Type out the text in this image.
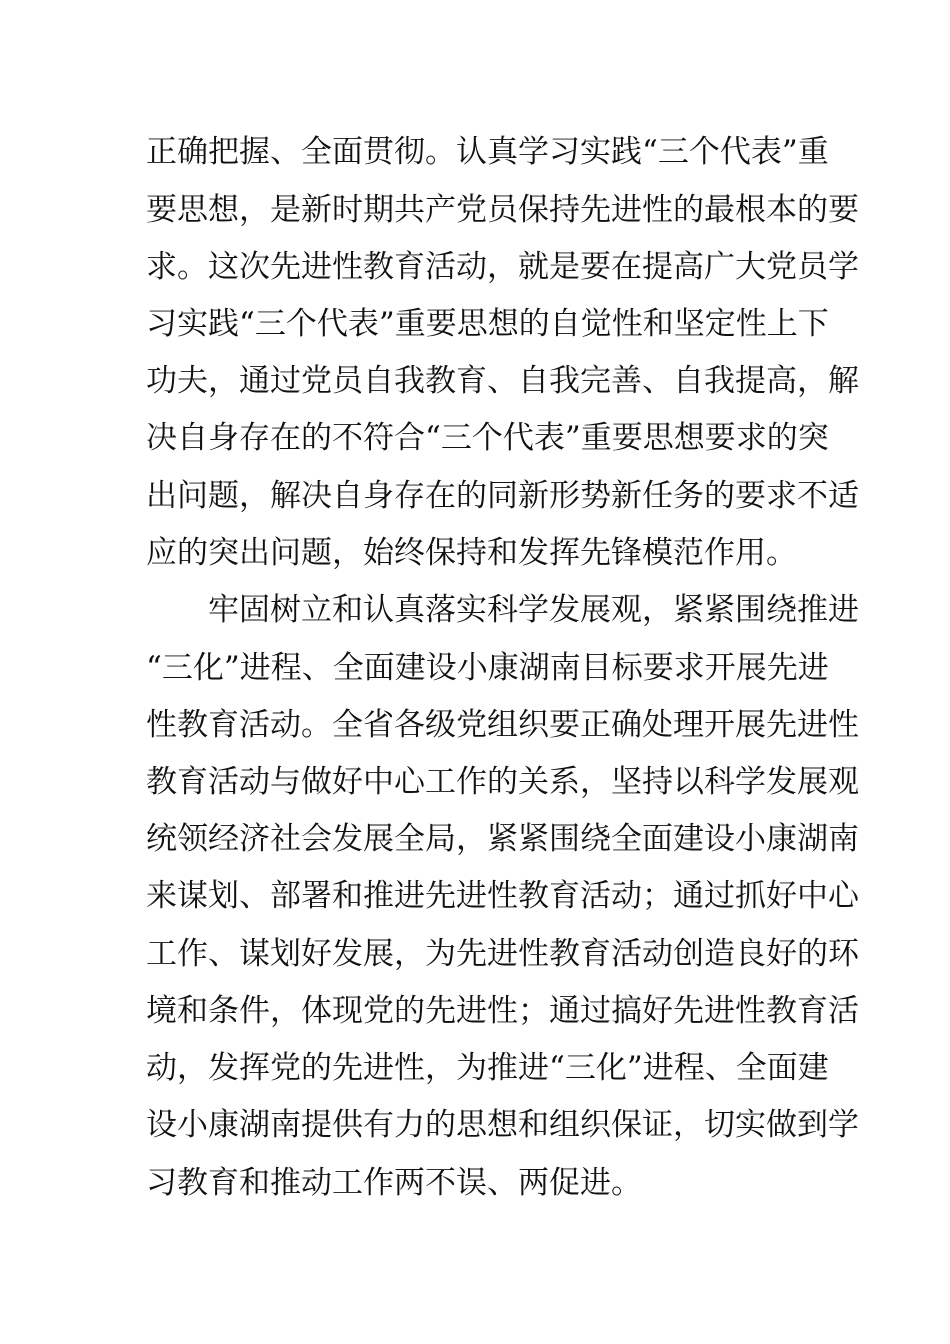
正确把握、全面贯彻。认真学习实践“三个代表”重
要思想，是新时期共产党员保持先进性的最根本的要
求。这次先进性教育活动，就是要在提高广大党员学
习实践“三个代表”重要思想的自觉性和坚定性上下
功夫，通过党员自我教育、自我完善、自我提高，解
决自身存在的不符合“三个代表”重要思想要求的突
出问题，解决自身存在的同新形势新任务的要求不适
应的突出问题，始终保持和发挥先锋模范作用。
牢固树立和认真落实科学发展观，紧紧围绕推进
“三化”进程、全面建设小康湖南目标要求开展先进
性教育活动。全省各级党组织要正确处理开展先进性
教育活动与做好中心工作的关系，坚持以科学发展观
统领经济社会发展全局，紧紧围绕全面建设小康湖南
来谋划、部署和推进先进性教育活动；通过抓好中心
工作、谋划好发展，为先进性教育活动创造良好的环
境和条件，体现党的先进性；通过搞好先进性教育活
动，发挥党的先进性，为推进“三化”进程、全面建
设小康湖南提供有力的思想和组织保证，切实做到学
习教育和推动工作两不误、两促进。
